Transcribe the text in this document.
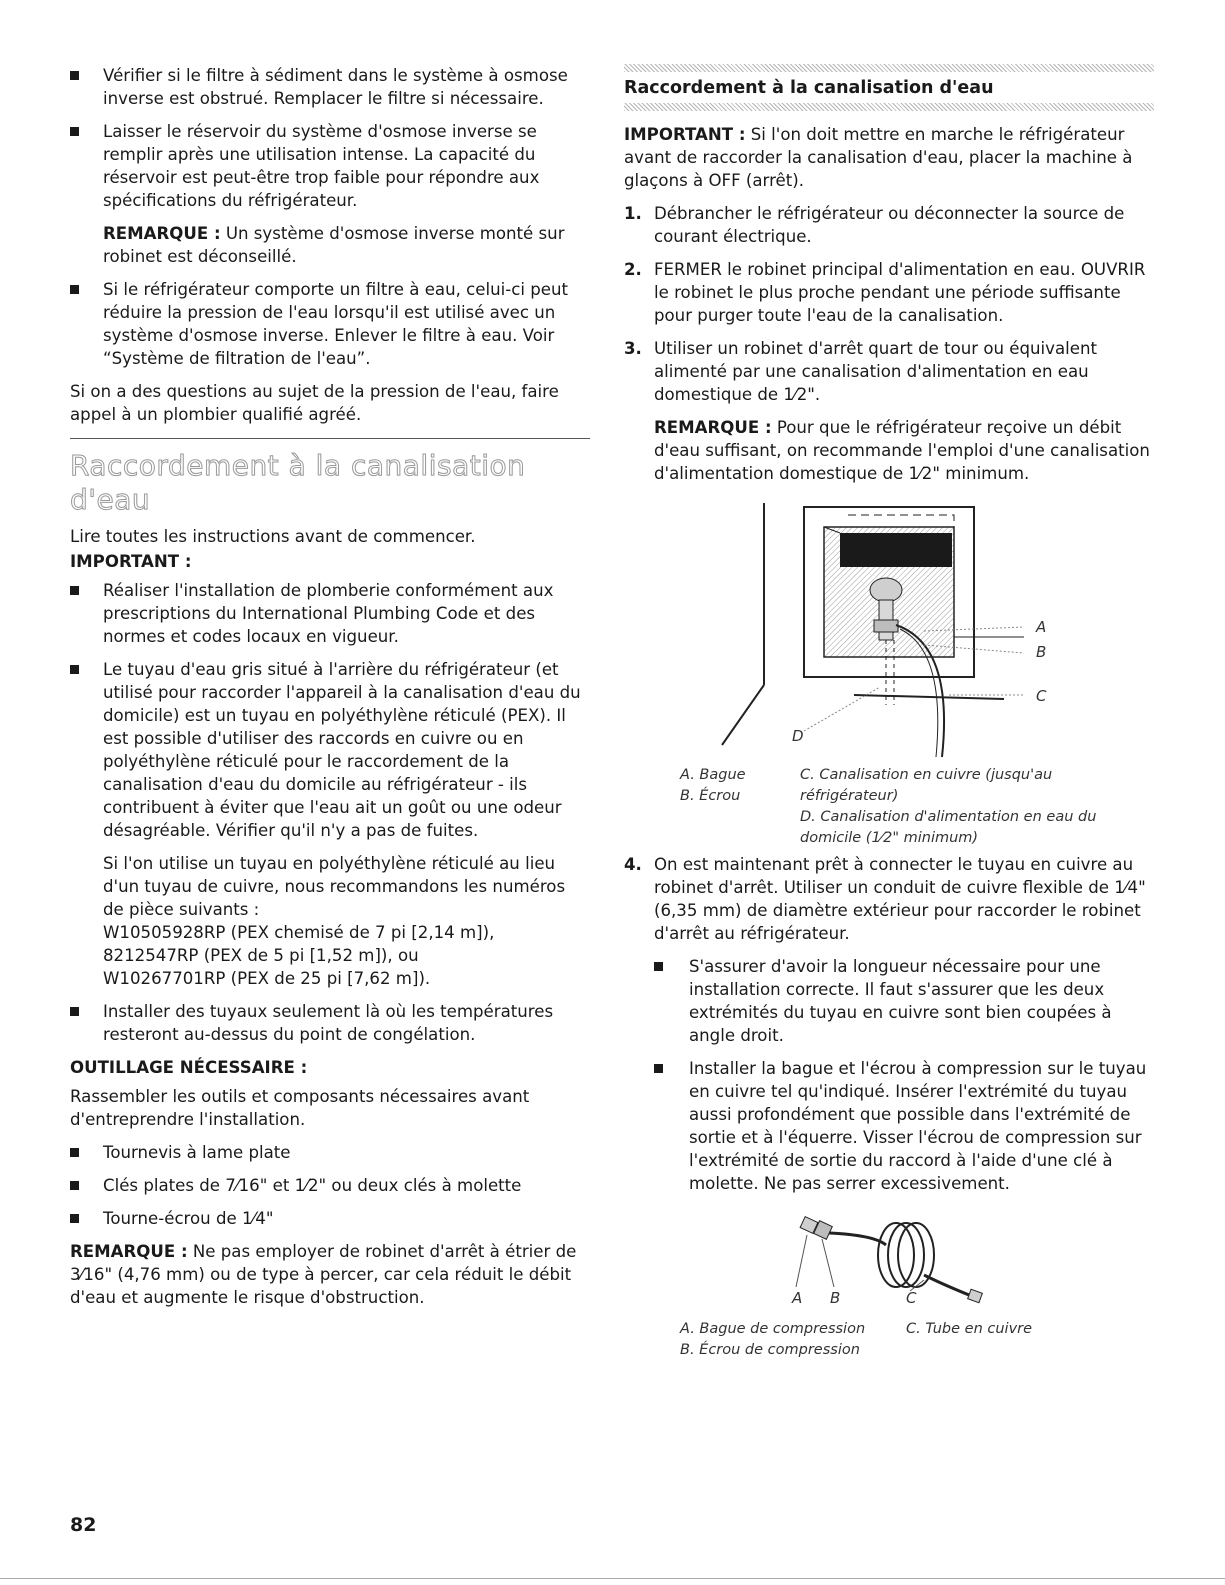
Vérifier si le filtre à sédiment dans le système à osmose inverse est obstrué. Remplacer le filtre si nécessaire.

Laisser le réservoir du système d'osmose inverse se remplir après une utilisation intense. La capacité du réservoir est peut-être trop faible pour répondre aux spécifications du réfrigérateur.

REMARQUE : Un système d'osmose inverse monté sur robinet est déconseillé.

Si le réfrigérateur comporte un filtre à eau, celui-ci peut réduire la pression de l'eau lorsqu'il est utilisé avec un système d'osmose inverse. Enlever le filtre à eau. Voir “Système de filtration de l'eau”.

Si on a des questions au sujet de la pression de l'eau, faire appel à un plombier qualifié agréé.

Raccordement à la canalisation d'eau

Lire toutes les instructions avant de commencer.

IMPORTANT :

Réaliser l'installation de plomberie conformément aux prescriptions du International Plumbing Code et des normes et codes locaux en vigueur.

Le tuyau d'eau gris situé à l'arrière du réfrigérateur (et utilisé pour raccorder l'appareil à la canalisation d'eau du domicile) est un tuyau en polyéthylène réticulé (PEX). Il est possible d'utiliser des raccords en cuivre ou en polyéthylène réticulé pour le raccordement de la canalisation d'eau du domicile au réfrigérateur - ils contribuent à éviter que l'eau ait un goût ou une odeur désagréable. Vérifier qu'il n'y a pas de fuites.

Si l'on utilise un tuyau en polyéthylène réticulé au lieu d'un tuyau de cuivre, nous recommandons les numéros de pièce suivants :

W10505928RP (PEX chemisé de 7 pi [2,14 m]),

8212547RP (PEX de 5 pi [1,52 m]), ou

W10267701RP (PEX de 25 pi [7,62 m]).

Installer des tuyaux seulement là où les températures resteront au-dessus du point de congélation.

OUTILLAGE NÉCESSAIRE :

Rassembler les outils et composants nécessaires avant d'entreprendre l'installation.

Tournevis à lame plate

Clés plates de 7⁄16" et 1⁄2" ou deux clés à molette

Tourne-écrou de 1⁄4"

REMARQUE : Ne pas employer de robinet d'arrêt à étrier de 3⁄16" (4,76 mm) ou de type à percer, car cela réduit le débit d'eau et augmente le risque d'obstruction.

Raccordement à la canalisation d'eau

IMPORTANT : Si l'on doit mettre en marche le réfrigérateur avant de raccorder la canalisation d'eau, placer la machine à glaçons à OFF (arrêt).

1. Débrancher le réfrigérateur ou déconnecter la source de courant électrique.
2. FERMER le robinet principal d'alimentation en eau. OUVRIR le robinet le plus proche pendant une période suffisante pour purger toute l'eau de la canalisation.
3. Utiliser un robinet d'arrêt quart de tour ou équivalent alimenté par une canalisation d'alimentation en eau domestique de 1⁄2".

REMARQUE : Pour que le réfrigérateur reçoive un débit d'eau suffisant, on recommande l'emploi d'une canalisation d'alimentation domestique de 1⁄2" minimum.

A
B
C
D
A. Bague
B. Écrou
C. Canalisation en cuivre (jusqu'au réfrigérateur)
D. Canalisation d'alimentation en eau du domicile (1⁄2" minimum)
4. On est maintenant prêt à connecter le tuyau en cuivre au robinet d'arrêt. Utiliser un conduit de cuivre flexible de 1⁄4" (6,35 mm) de diamètre extérieur pour raccorder le robinet d'arrêt au réfrigérateur.

S'assurer d'avoir la longueur nécessaire pour une installation correcte. Il faut s'assurer que les deux extrémités du tuyau en cuivre sont bien coupées à angle droit.

Installer la bague et l'écrou à compression sur le tuyau en cuivre tel qu'indiqué. Insérer l'extrémité du tuyau aussi profondément que possible dans l'extrémité de sortie et à l'équerre. Visser l'écrou de compression sur l'extrémité de sortie du raccord à l'aide d'une clé à molette. Ne pas serrer excessivement.

A B	C
A. Bague de compression
B. Écrou de compression
C. Tube en cuivre
82
